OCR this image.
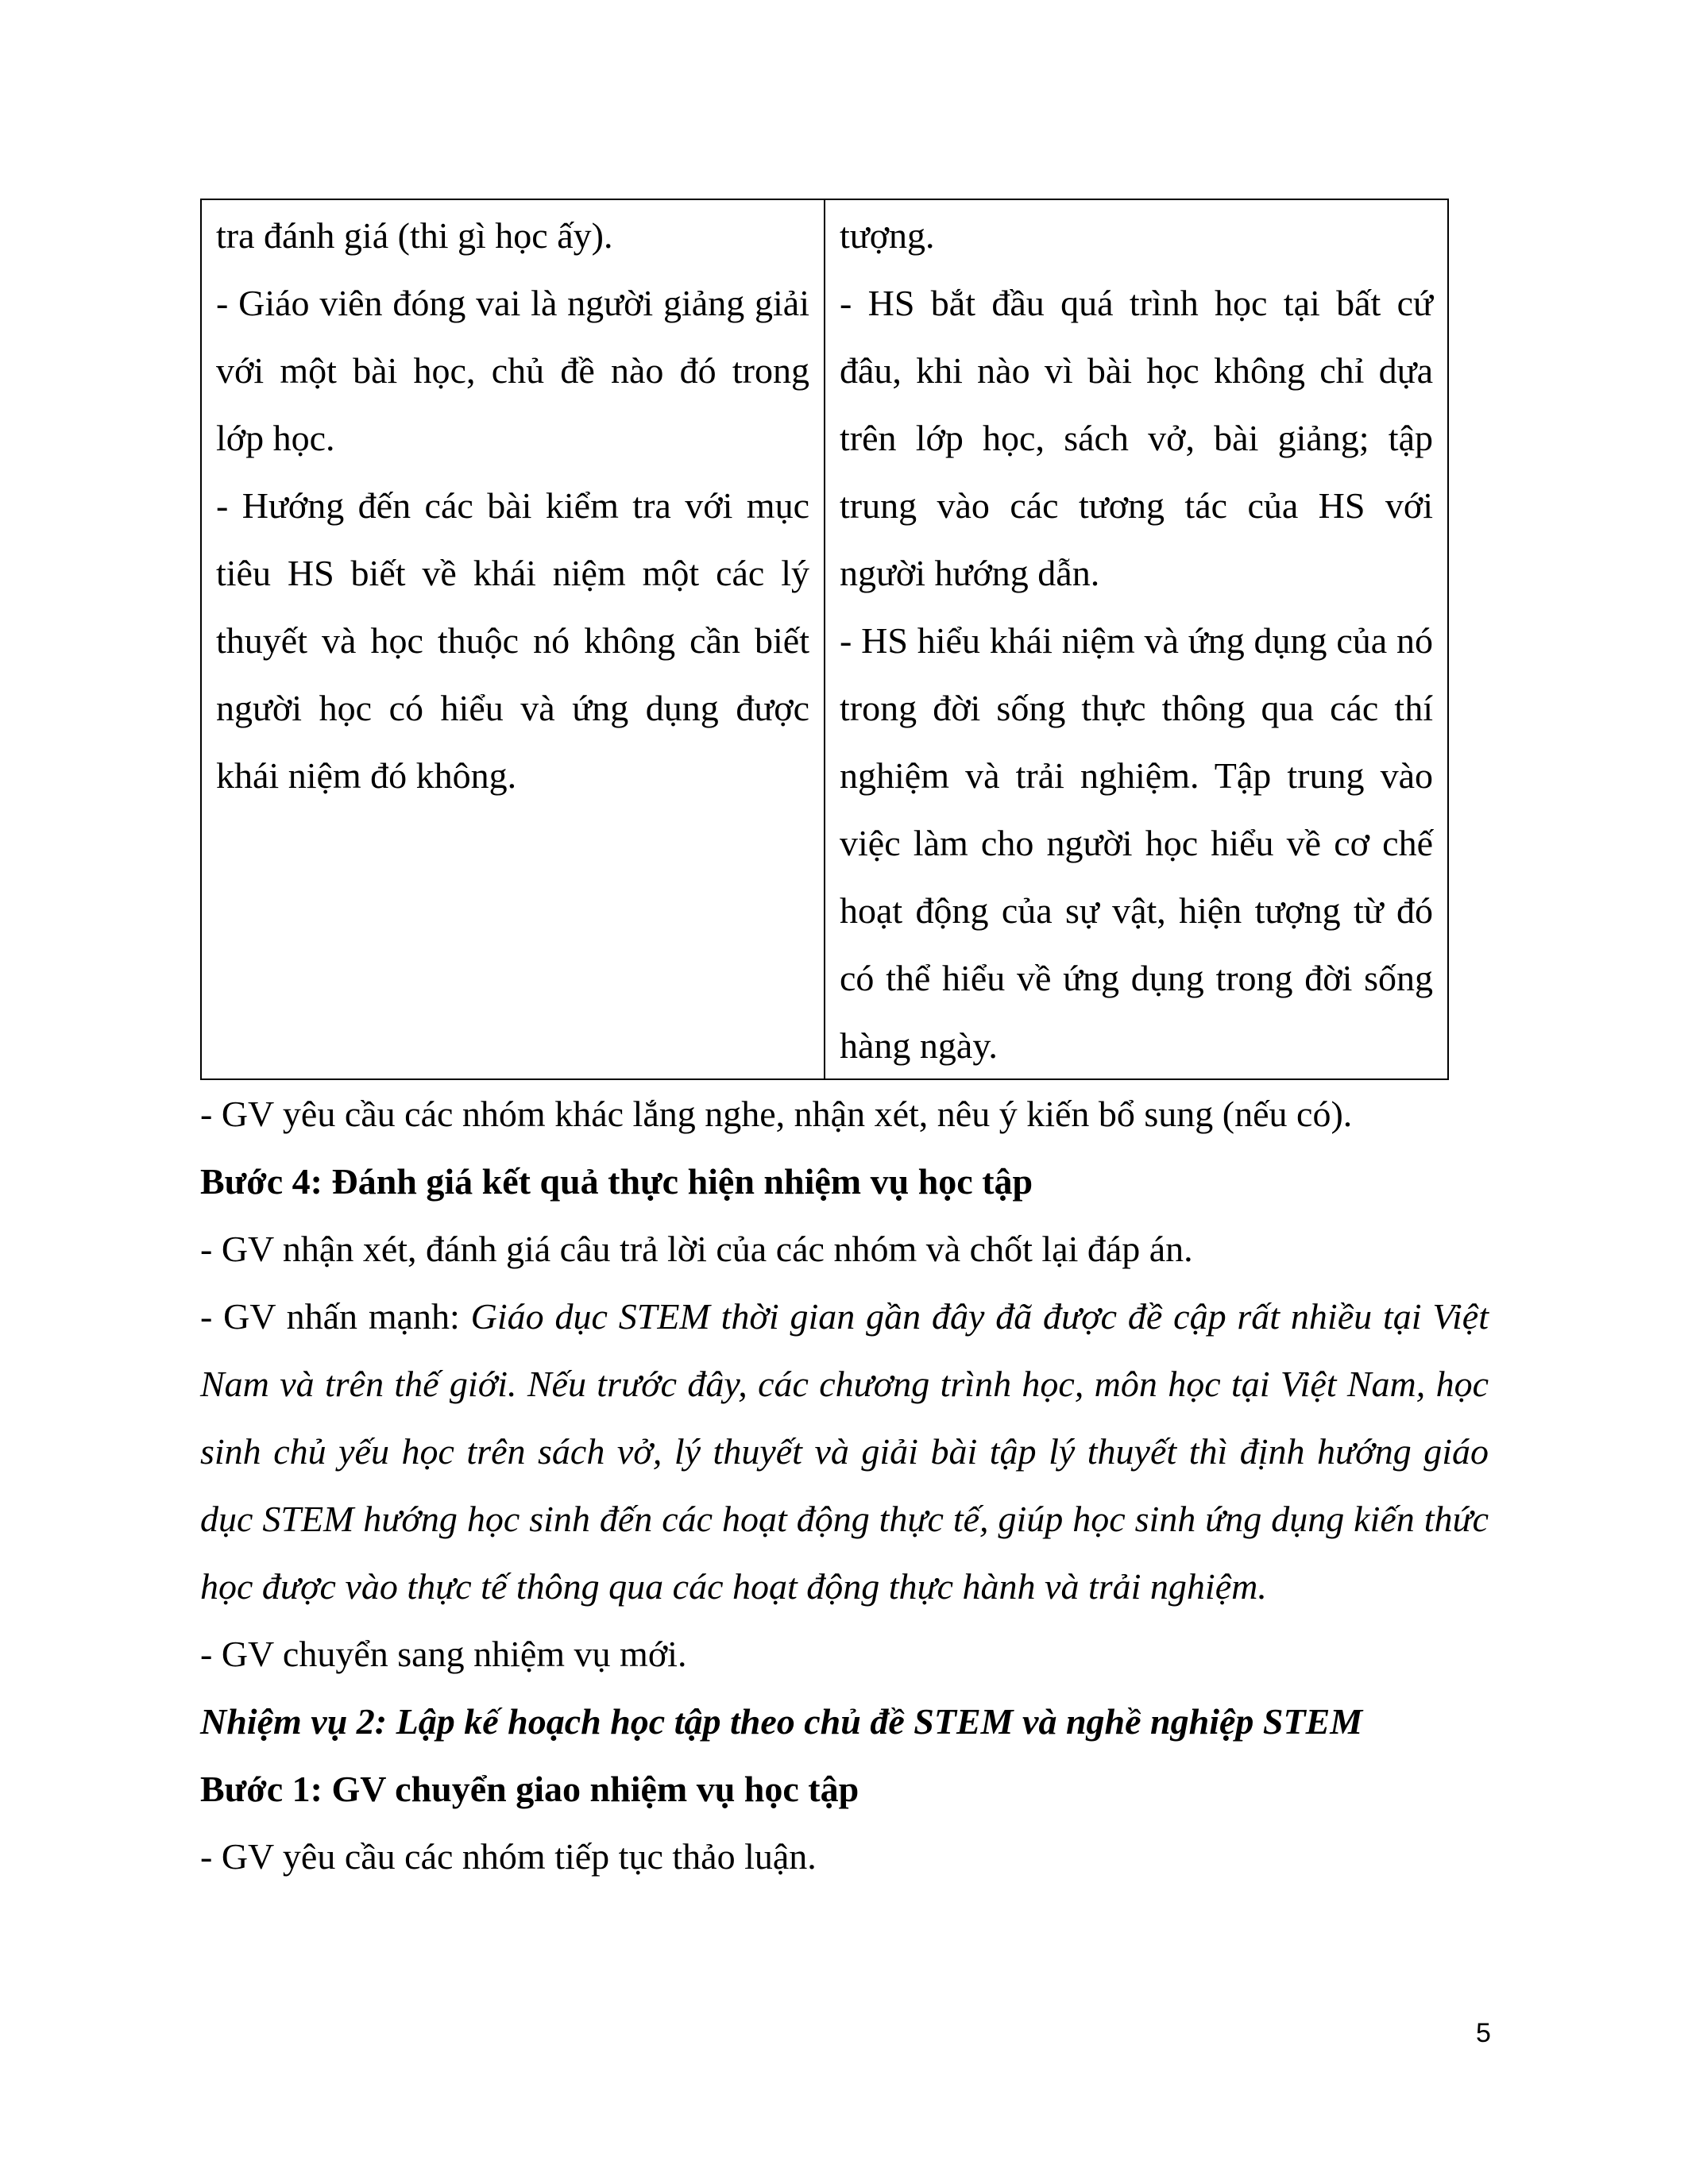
tra đánh giá (thi gì học ấy).

- Giáo viên đóng vai là người giảng giải với một bài học, chủ đề nào đó trong lớp học.

- Hướng đến các bài kiểm tra với mục tiêu HS biết về khái niệm một các lý thuyết và học thuộc nó không cần biết người học có hiểu và ứng dụng được khái niệm đó không.

tượng.

- HS bắt đầu quá trình học tại bất cứ đâu, khi nào vì bài học không chỉ dựa trên lớp học, sách vở, bài giảng; tập trung vào các tương tác của HS với người hướng dẫn.

- HS hiểu khái niệm và ứng dụng của nó trong đời sống thực thông qua các thí nghiệm và trải nghiệm. Tập trung vào việc làm cho người học hiểu về cơ chế hoạt động của sự vật, hiện tượng từ đó có thể hiểu về ứng dụng trong đời sống hàng ngày.

- GV yêu cầu các nhóm khác lắng nghe, nhận xét, nêu ý kiến bổ sung (nếu có).

Bước 4: Đánh giá kết quả thực hiện nhiệm vụ học tập

- GV nhận xét, đánh giá câu trả lời của các nhóm và chốt lại đáp án.

- GV nhấn mạnh: Giáo dục STEM thời gian gần đây đã được đề cập rất nhiều tại Việt Nam và trên thế giới. Nếu trước đây, các chương trình học, môn học tại Việt Nam, học sinh chủ yếu học trên sách vở, lý thuyết và giải bài tập lý thuyết thì định hướng giáo dục STEM hướng học sinh đến các hoạt động thực tế, giúp học sinh ứng dụng kiến thức học được vào thực tế thông qua các hoạt động thực hành và trải nghiệm.

- GV chuyển sang nhiệm vụ mới.

Nhiệm vụ 2: Lập kế hoạch học tập theo chủ đề STEM và nghề nghiệp STEM

Bước 1: GV chuyển giao nhiệm vụ học tập

- GV yêu cầu các nhóm tiếp tục thảo luận.

5
